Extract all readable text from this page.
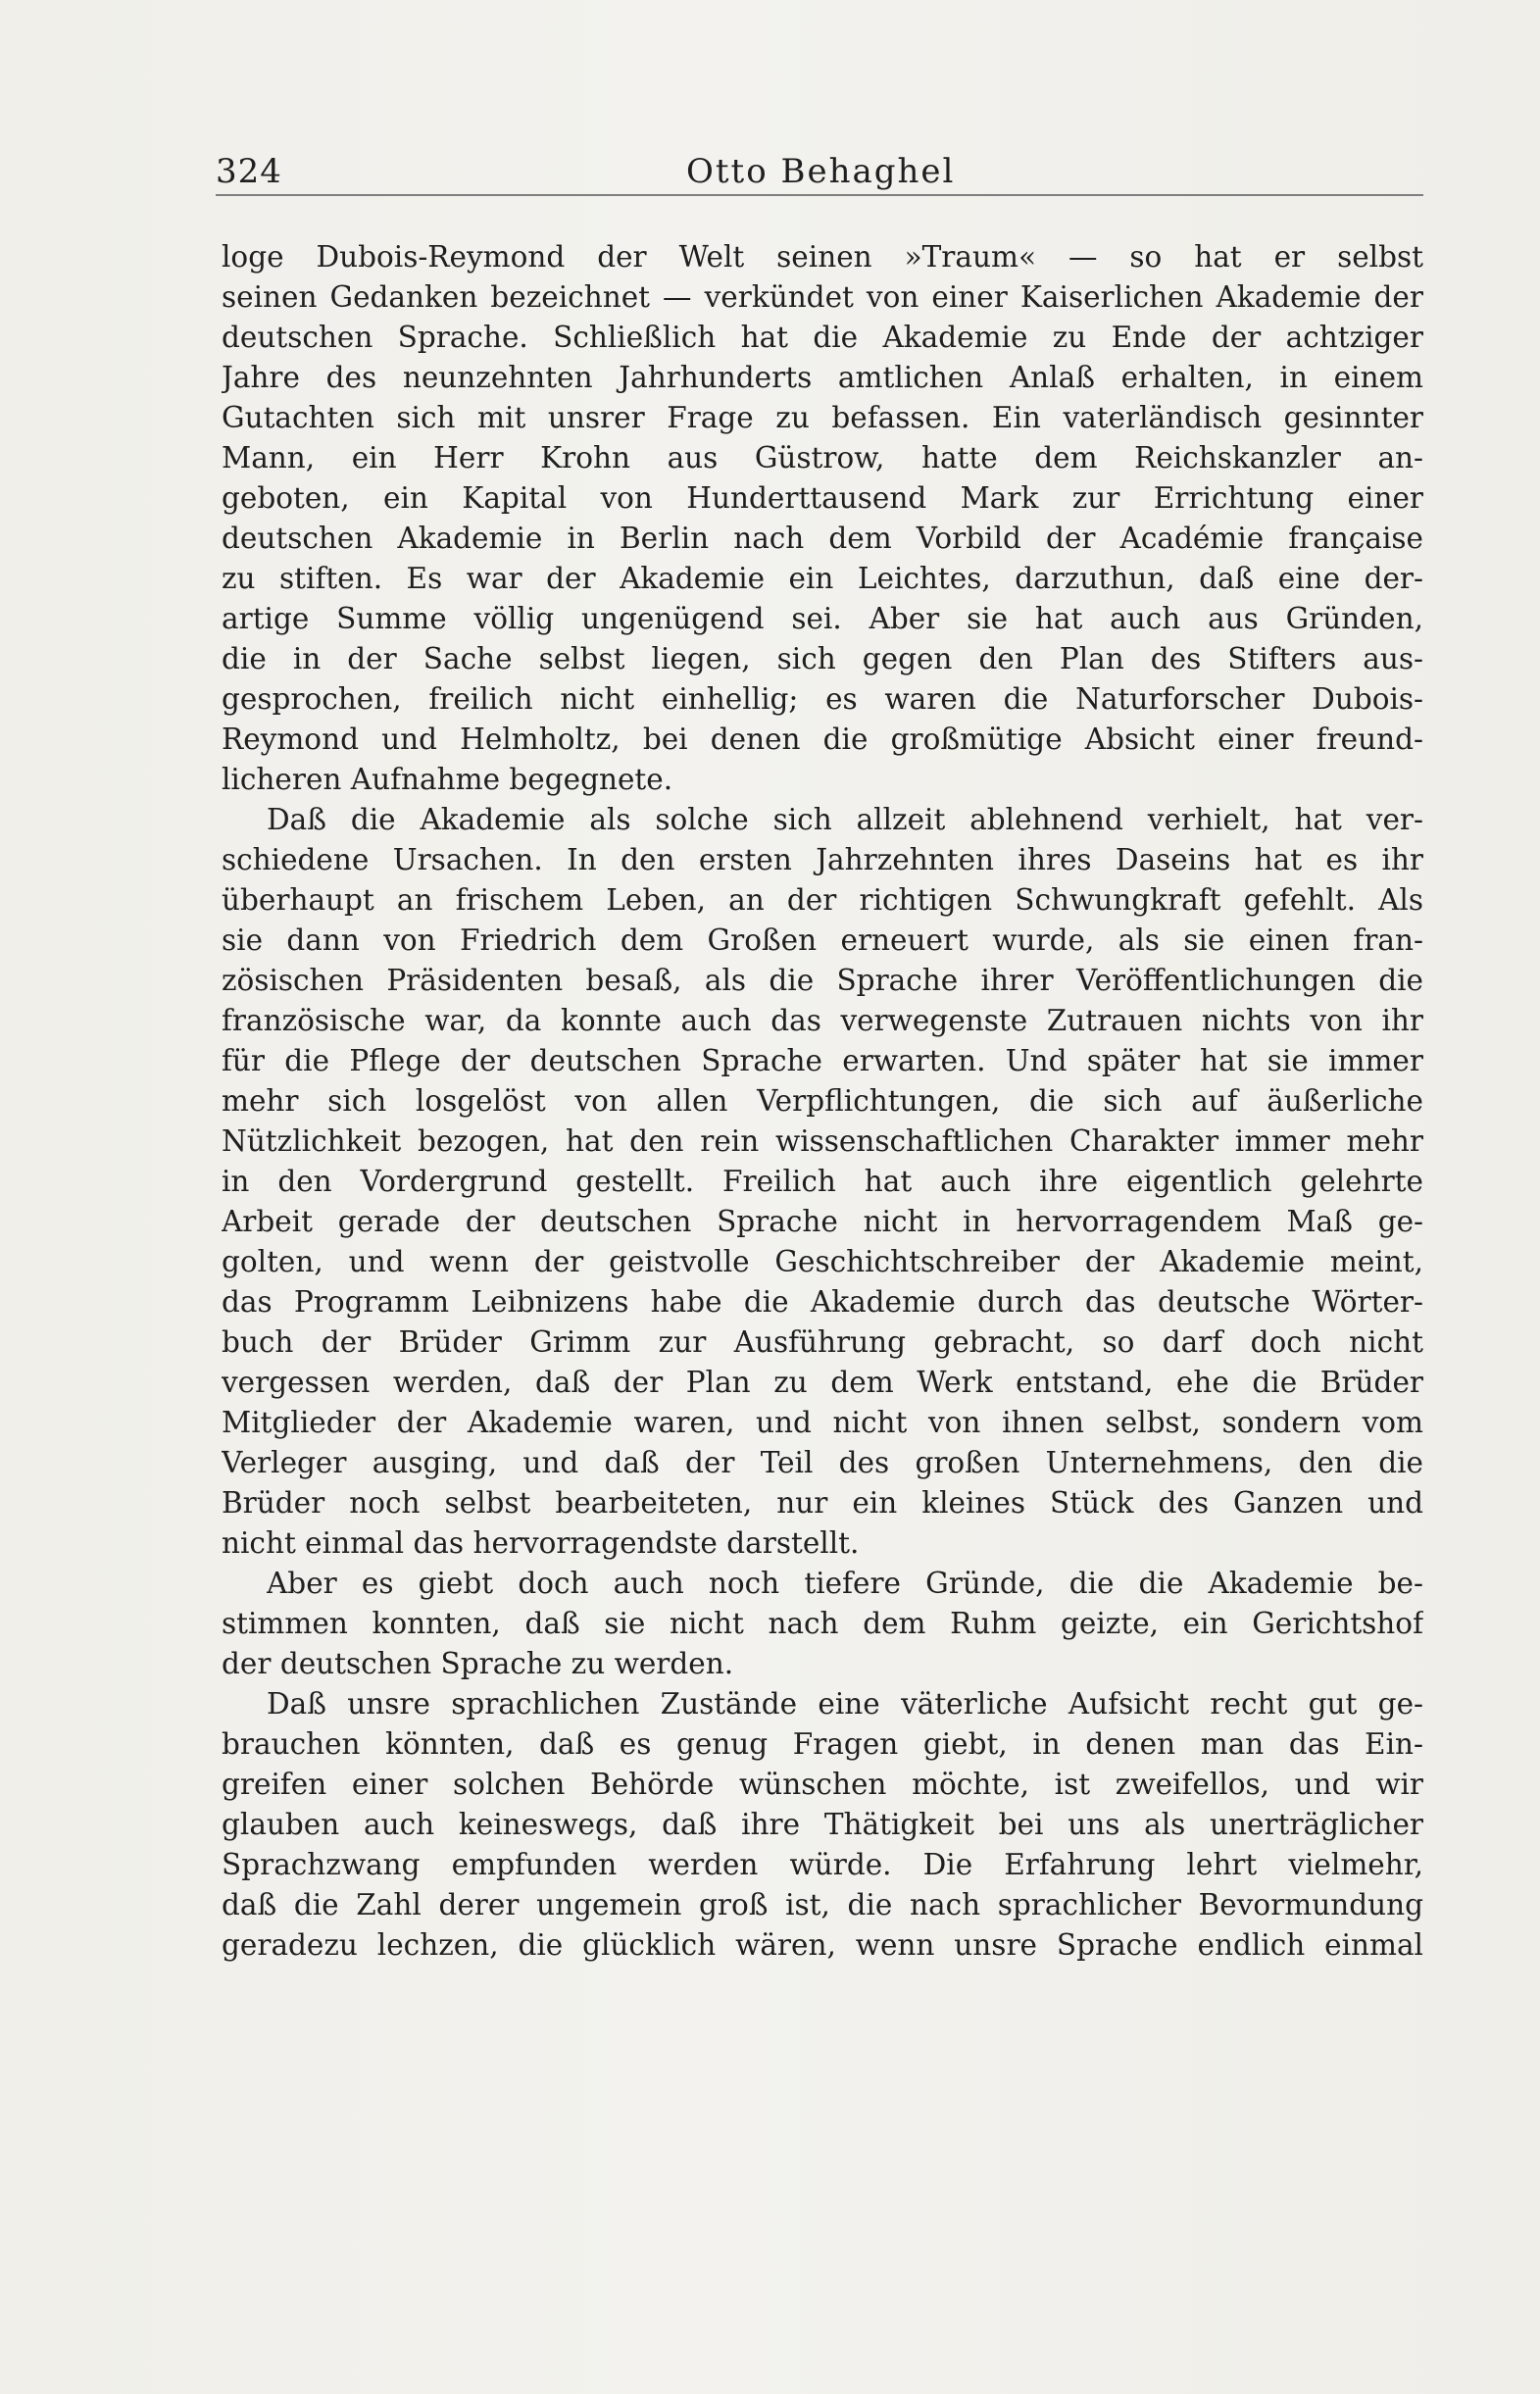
324	Otto Behaghel
loge Dubois-Reymond der Welt seinen »Traum« — so hat er selbst
seinen Gedanken bezeichnet — verkündet von einer Kaiserlichen Akademie der
deutschen Sprache. Schließlich hat die Akademie zu Ende der achtziger
Jahre des neunzehnten Jahrhunderts amtlichen Anlaß erhalten, in einem
Gutachten sich mit unsrer Frage zu befassen. Ein vaterländisch gesinnter
Mann, ein Herr Krohn aus Güstrow, hatte dem Reichskanzler an-
geboten, ein Kapital von Hunderttausend Mark zur Errichtung einer
deutschen Akademie in Berlin nach dem Vorbild der Académie française
zu stiften. Es war der Akademie ein Leichtes, darzuthun, daß eine der-
artige Summe völlig ungenügend sei. Aber sie hat auch aus Gründen,
die in der Sache selbst liegen, sich gegen den Plan des Stifters aus-
gesprochen, freilich nicht einhellig; es waren die Naturforscher Dubois-
Reymond und Helmholtz, bei denen die großmütige Absicht einer freund-
licheren Aufnahme begegnete.
Daß die Akademie als solche sich allzeit ablehnend verhielt, hat ver-
schiedene Ursachen. In den ersten Jahrzehnten ihres Daseins hat es ihr
überhaupt an frischem Leben, an der richtigen Schwungkraft gefehlt. Als
sie dann von Friedrich dem Großen erneuert wurde, als sie einen fran-
zösischen Präsidenten besaß, als die Sprache ihrer Veröffentlichungen die
französische war, da konnte auch das verwegenste Zutrauen nichts von ihr
für die Pflege der deutschen Sprache erwarten. Und später hat sie immer
mehr sich losgelöst von allen Verpflichtungen, die sich auf äußerliche
Nützlichkeit bezogen, hat den rein wissenschaftlichen Charakter immer mehr
in den Vordergrund gestellt. Freilich hat auch ihre eigentlich gelehrte
Arbeit gerade der deutschen Sprache nicht in hervorragendem Maß ge-
golten, und wenn der geistvolle Geschichtschreiber der Akademie meint,
das Programm Leibnizens habe die Akademie durch das deutsche Wörter-
buch der Brüder Grimm zur Ausführung gebracht, so darf doch nicht
vergessen werden, daß der Plan zu dem Werk entstand, ehe die Brüder
Mitglieder der Akademie waren, und nicht von ihnen selbst, sondern vom
Verleger ausging, und daß der Teil des großen Unternehmens, den die
Brüder noch selbst bearbeiteten, nur ein kleines Stück des Ganzen und
nicht einmal das hervorragendste darstellt.
Aber es giebt doch auch noch tiefere Gründe, die die Akademie be-
stimmen konnten, daß sie nicht nach dem Ruhm geizte, ein Gerichtshof
der deutschen Sprache zu werden.
Daß unsre sprachlichen Zustände eine väterliche Aufsicht recht gut ge-
brauchen könnten, daß es genug Fragen giebt, in denen man das Ein-
greifen einer solchen Behörde wünschen möchte, ist zweifellos, und wir
glauben auch keineswegs, daß ihre Thätigkeit bei uns als unerträglicher
Sprachzwang empfunden werden würde. Die Erfahrung lehrt vielmehr,
daß die Zahl derer ungemein groß ist, die nach sprachlicher Bevormundung
geradezu lechzen, die glücklich wären, wenn unsre Sprache endlich einmal
